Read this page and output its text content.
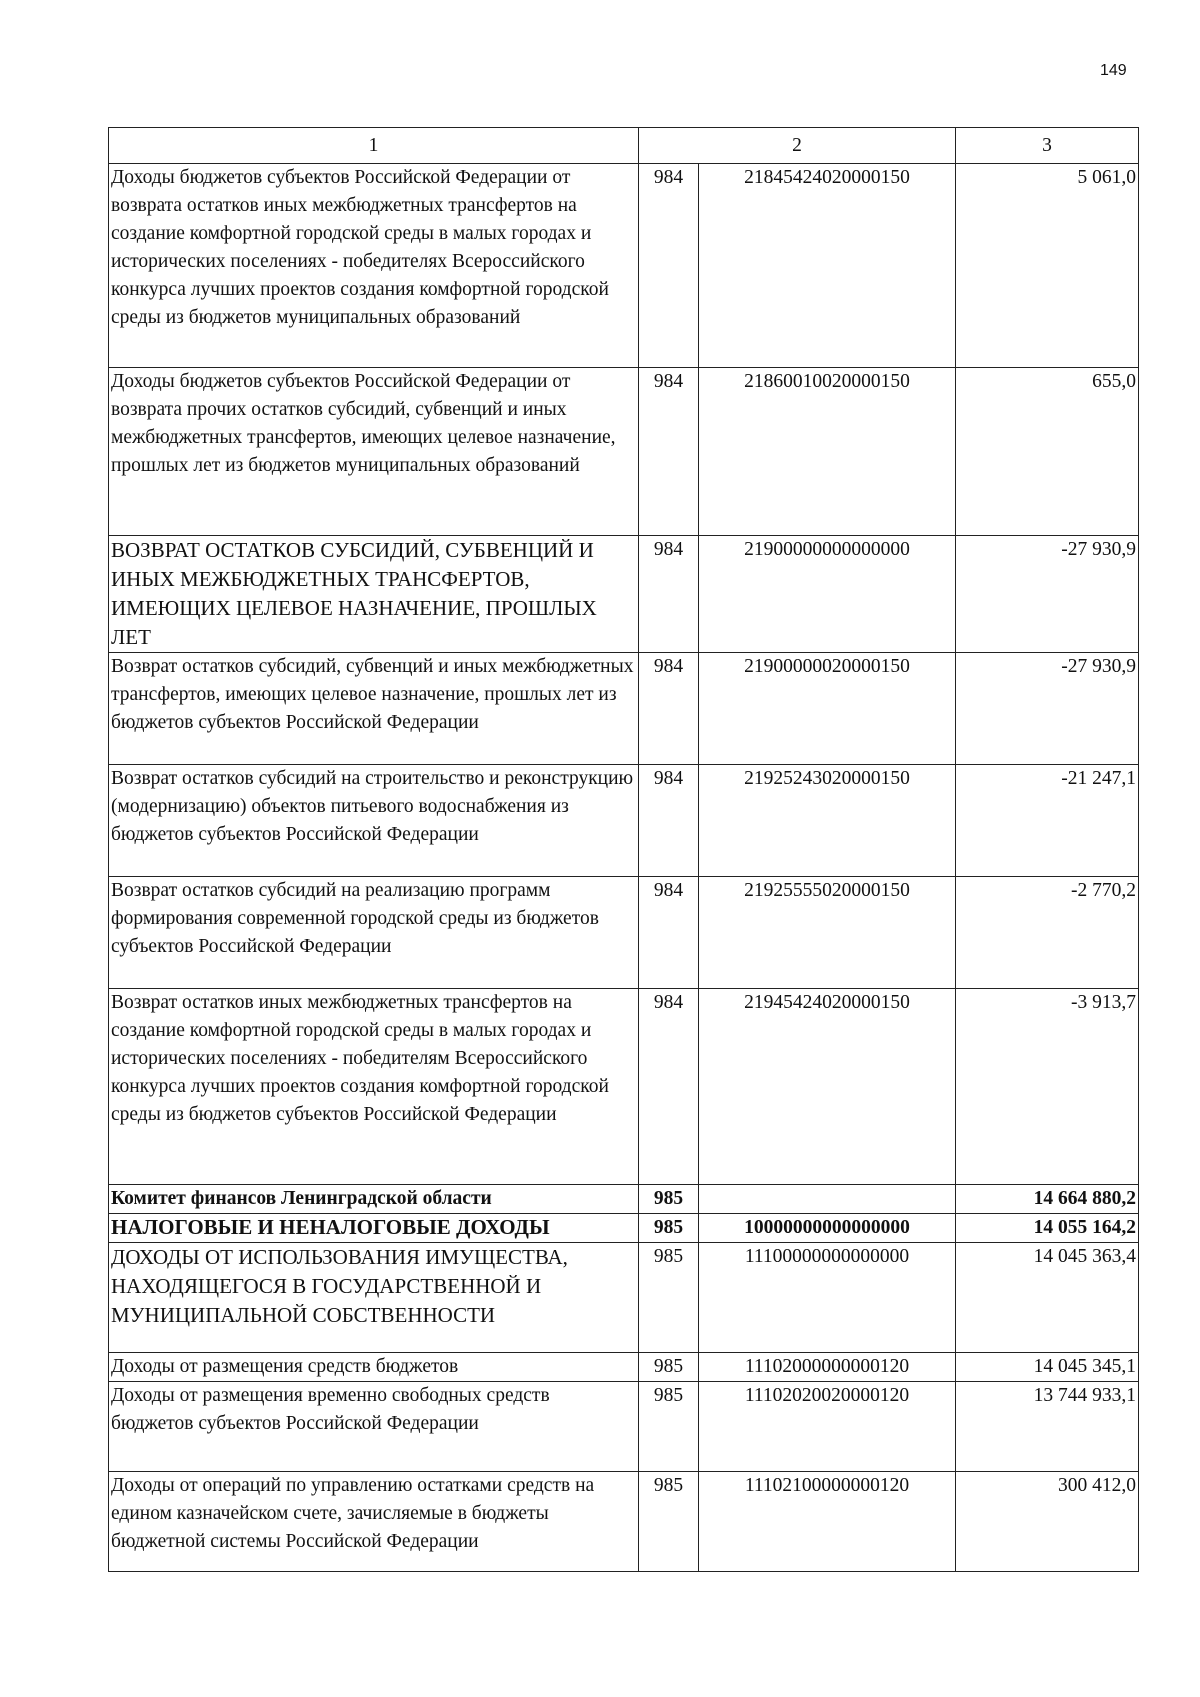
149
1	2		3
Доходы бюджетов субъектов Российской Федерации от возврата остатков иных межбюджетных трансфертов на создание комфортной городской среды в малых городах и исторических поселениях - победителях Всероссийского конкурса лучших проектов создания комфортной городской среды из бюджетов муниципальных образований	984	21845424020000150	5 061,0
Доходы бюджетов субъектов Российской Федерации от возврата прочих остатков субсидий, субвенций и иных межбюджетных трансфертов, имеющих целевое назначение, прошлых лет из бюджетов муниципальных образований	984	21860010020000150	655,0
ВОЗВРАТ ОСТАТКОВ СУБСИДИЙ, СУБВЕНЦИЙ И ИНЫХ МЕЖБЮДЖЕТНЫХ ТРАНСФЕРТОВ, ИМЕЮЩИХ ЦЕЛЕВОЕ НАЗНАЧЕНИЕ, ПРОШЛЫХ ЛЕТ	984	21900000000000000	-27 930,9
Возврат остатков субсидий, субвенций и иных межбюджетных трансфертов, имеющих целевое назначение, прошлых лет из бюджетов субъектов Российской Федерации	984	21900000020000150	-27 930,9
Возврат остатков субсидий на строительство и реконструкцию (модернизацию) объектов питьевого водоснабжения из бюджетов субъектов Российской Федерации	984	21925243020000150	-21 247,1
Возврат остатков субсидий на реализацию программ формирования современной городской среды из бюджетов субъектов Российской Федерации	984	21925555020000150	-2 770,2
Возврат остатков иных межбюджетных трансфертов на создание комфортной городской среды в малых городах и исторических поселениях - победителям Всероссийского конкурса лучших проектов создания комфортной городской среды из бюджетов субъектов Российской Федерации	984	21945424020000150	-3 913,7
Комитет финансов Ленинградской области	985		14 664 880,2
НАЛОГОВЫЕ И НЕНАЛОГОВЫЕ ДОХОДЫ	985	10000000000000000	14 055 164,2
ДОХОДЫ ОТ ИСПОЛЬЗОВАНИЯ ИМУЩЕСТВА, НАХОДЯЩЕГОСЯ В ГОСУДАРСТВЕННОЙ И МУНИЦИПАЛЬНОЙ СОБСТВЕННОСТИ	985	11100000000000000	14 045 363,4
Доходы от размещения средств бюджетов	985	11102000000000120	14 045 345,1
Доходы от размещения временно свободных средств бюджетов субъектов Российской Федерации	985	11102020020000120	13 744 933,1
Доходы от операций по управлению остатками средств на едином казначейском счете, зачисляемые в бюджеты бюджетной системы Российской Федерации	985	11102100000000120	300 412,0
